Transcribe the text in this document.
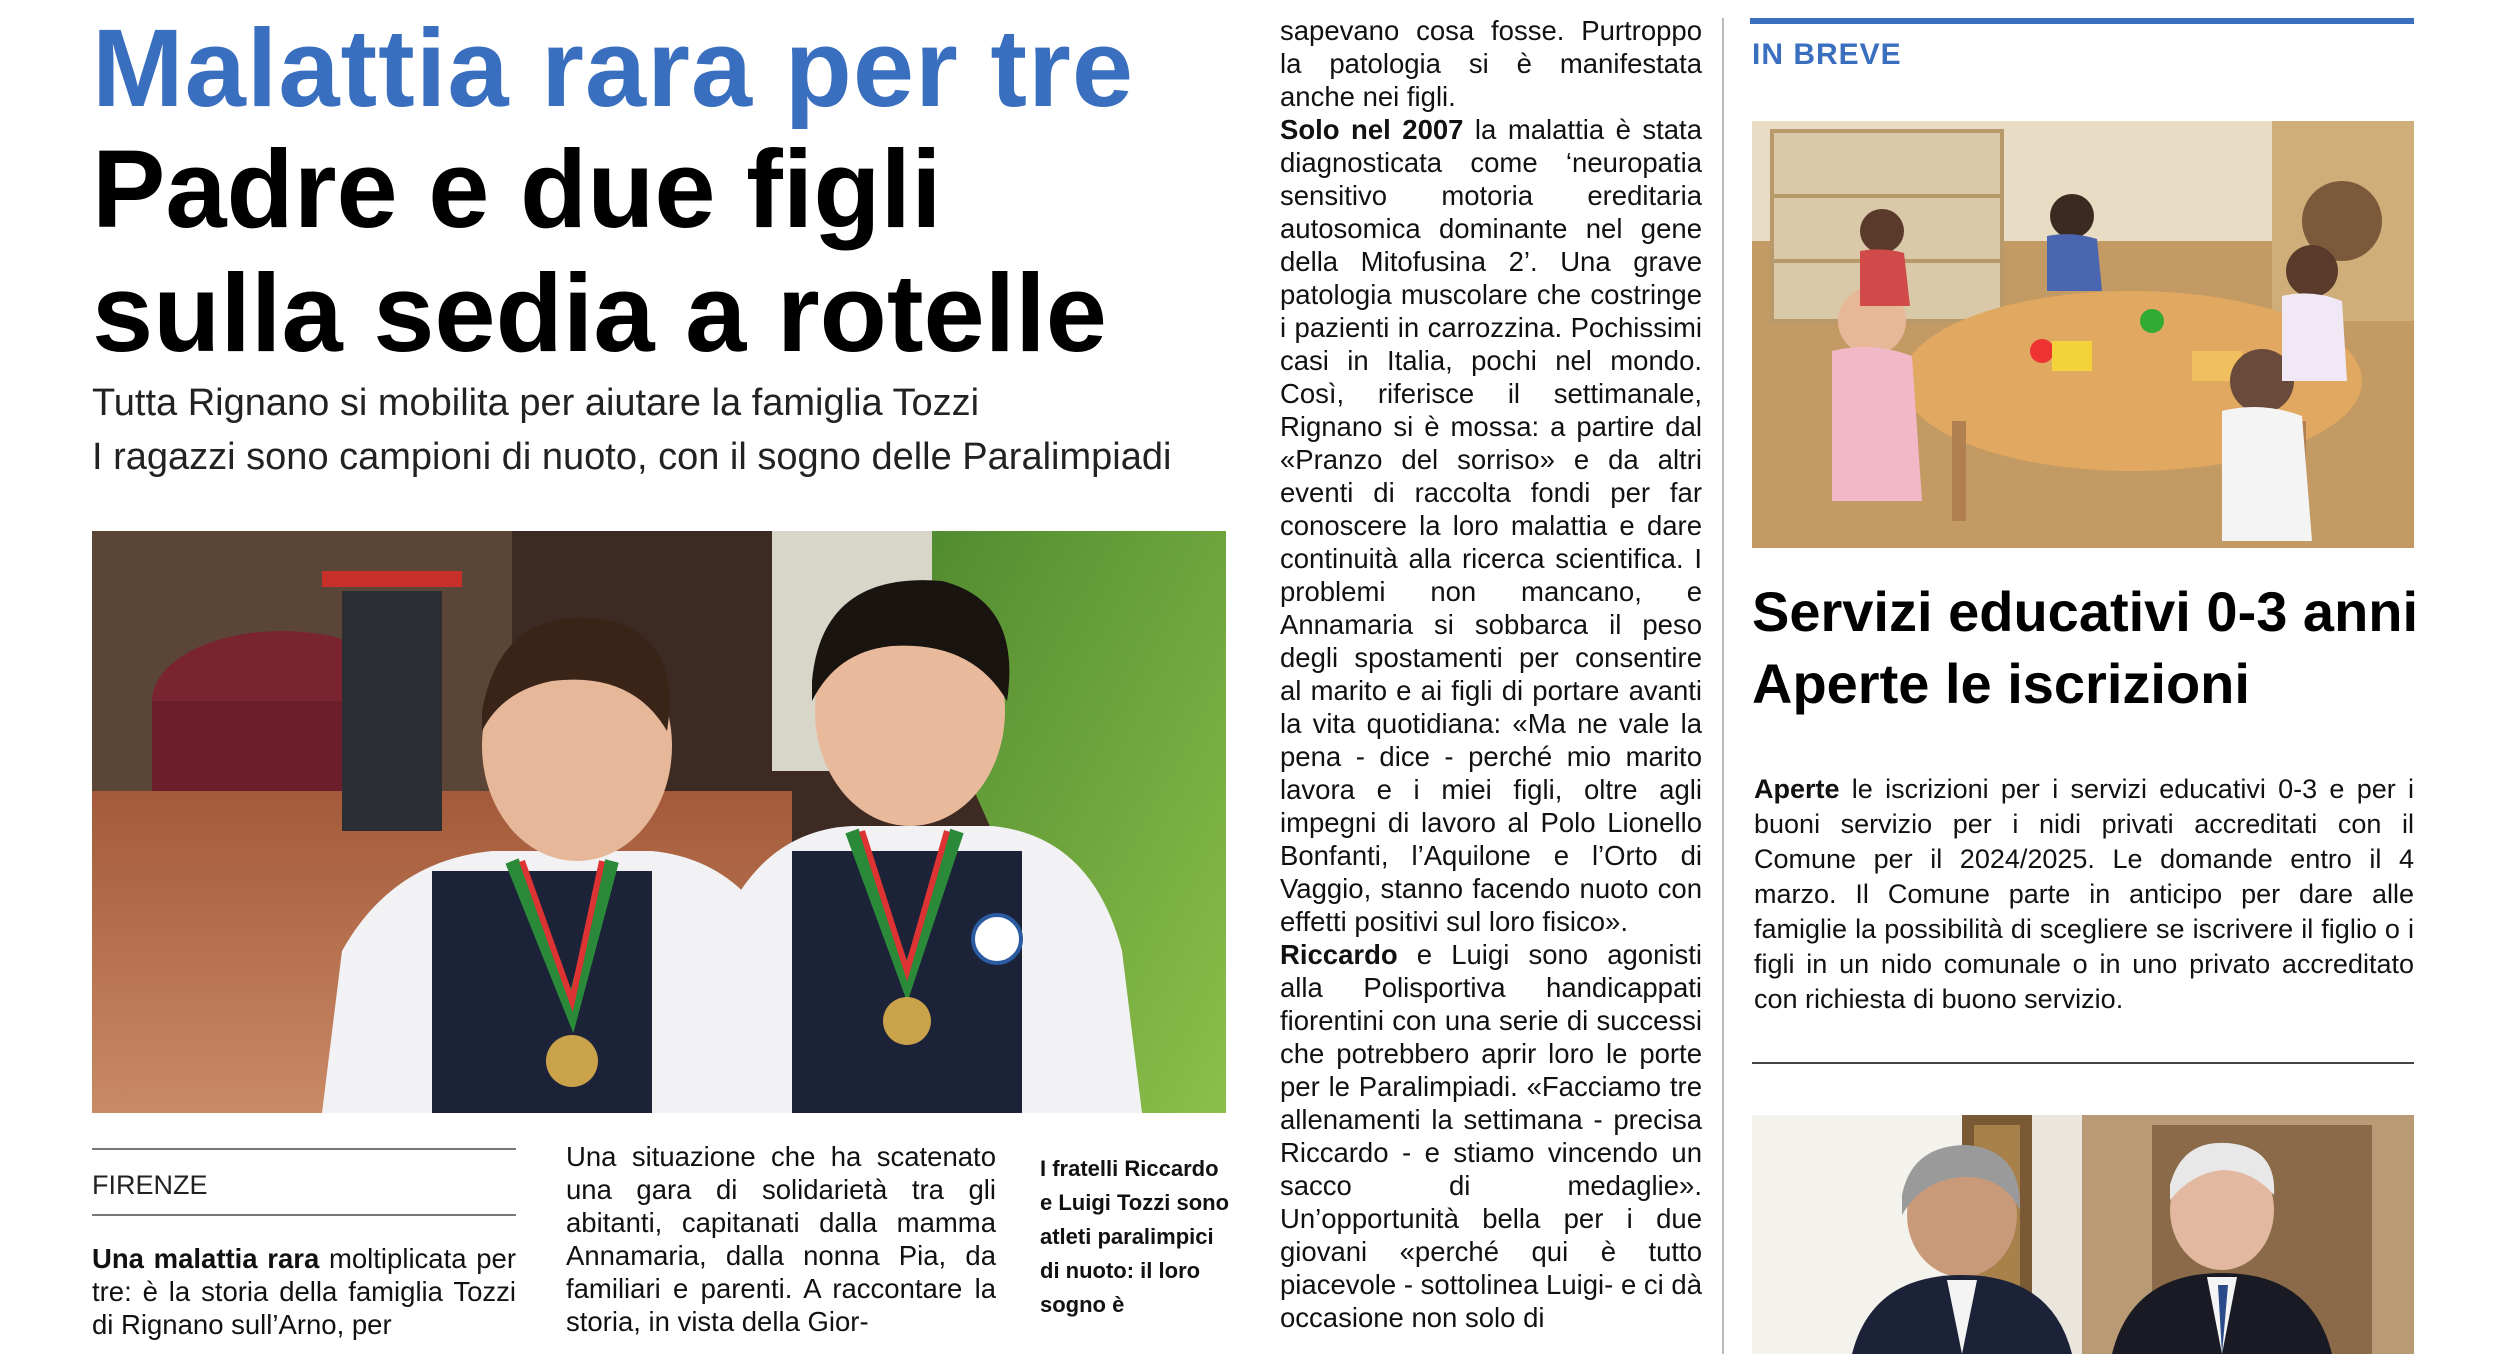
Malattia rara per tre
Padre e due figli
sulla sedia a rotelle
Tutta Rignano si mobilita per aiutare la famiglia Tozzi
I ragazzi sono campioni di nuoto, con il sogno delle Paralimpiadi
FIRENZE

Una malattia rara moltiplicata per tre: è la storia della famiglia Tozzi di Rignano sull’Arno, per

Una situazione che ha scatenato una gara di solidarietà tra gli abitanti, capitanati dalla mamma Annamaria, dalla nonna Pia, da familiari e parenti. A raccontare la storia, in vista della Gior-

I fratelli Riccardo e Luigi Tozzi sono atleti paralimpici di nuoto: il loro sogno è

sapevano cosa fosse. Purtroppo la patologia si è manifestata anche nei figli.

Solo nel 2007 la malattia è stata diagnosticata come ‘neuropatia sensitivo motoria ereditaria autosomica dominante nel gene della Mitofusina 2’. Una grave patologia muscolare che costringe i pazienti in carrozzina. Pochissimi casi in Italia, pochi nel mondo. Così, riferisce il settimanale, Rignano si è mossa: a partire dal «Pranzo del sorriso» e da altri eventi di raccolta fondi per far conoscere la loro malattia e dare continuità alla ricerca scientifica. I problemi non mancano, e Annamaria si sobbarca il peso degli spostamenti per consentire al marito e ai figli di portare avanti la vita quotidiana: «Ma ne vale la pena - dice - perché mio marito lavora e i miei figli, oltre agli impegni di lavoro al Polo Lionello Bonfanti, l’Aquilone e l’Orto di Vaggio, stanno facendo nuoto con effetti positivi sul loro fisico».

Riccardo e Luigi sono agonisti alla Polisportiva handicappati fiorentini con una serie di successi che potrebbero aprir loro le porte per le Paralimpiadi. «Facciamo tre allenamenti la settimana - precisa Riccardo - e stiamo vincendo un sacco di medaglie». Un’opportunità bella per i due giovani «perché qui è tutto piacevole - sottolinea Luigi- e ci dà occasione non solo di

IN BREVE
Servizi educativi 0-3 anni
Aperte le iscrizioni
Aperte le iscrizioni per i servizi educativi 0-3 e per i buoni servizio per i nidi privati accreditati con il Comune per il 2024/2025. Le domande entro il 4 marzo. Il Comune parte in anticipo per dare alle famiglie la possibilità di scegliere se iscrivere il figlio o i figli in un nido comunale o in uno privato accreditato con richiesta di buono servizio.
